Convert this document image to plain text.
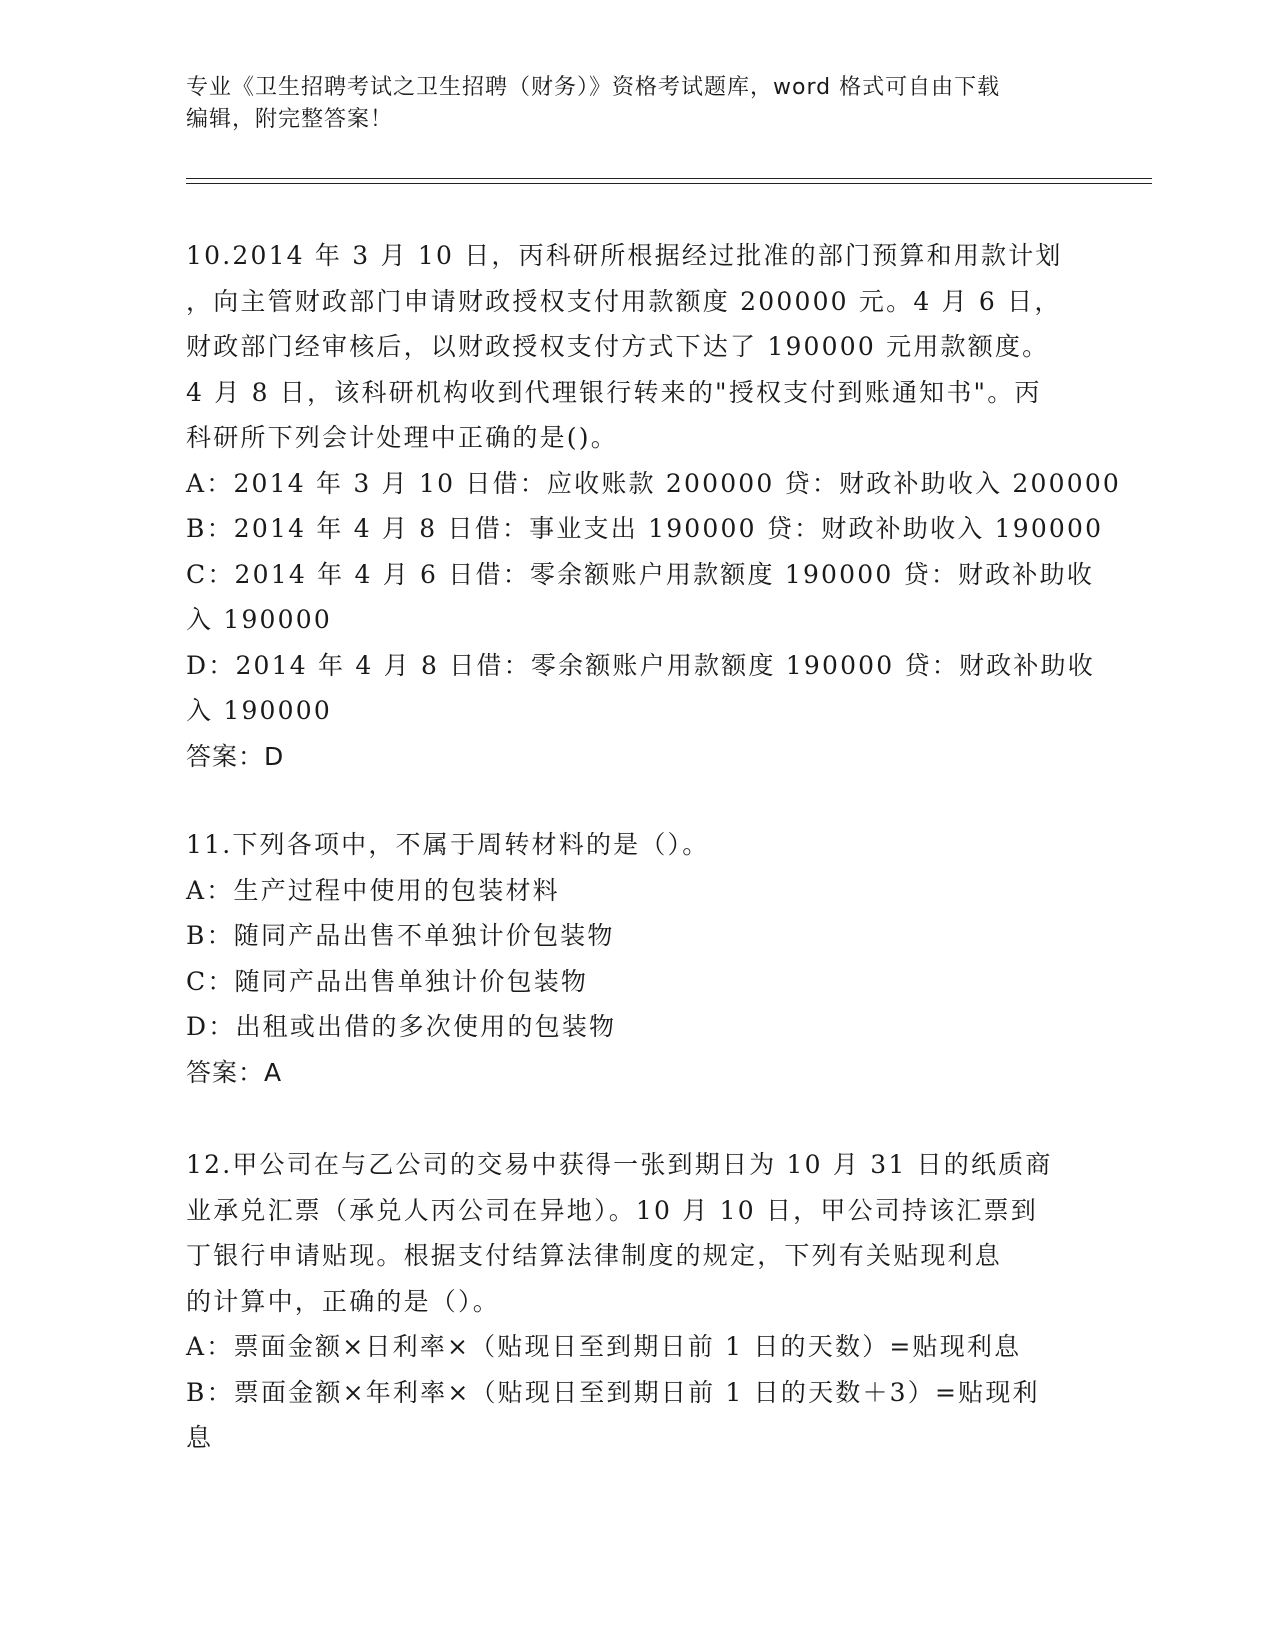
专业《卫生招聘考试之卫生招聘（财务）》资格考试题库，word 格式可自由下载
编辑，附完整答案！
10.2014 年 3 月 10 日，丙科研所根据经过批准的部门预算和用款计划
，向主管财政部门申请财政授权支付用款额度 200000 元。4 月 6 日，
财政部门经审核后，以财政授权支付方式下达了 190000 元用款额度。
4 月 8 日，该科研机构收到代理银行转来的"授权支付到账通知书"。丙
科研所下列会计处理中正确的是()。
A：2014 年 3 月 10 日借：应收账款 200000 贷：财政补助收入 200000
B：2014 年 4 月 8 日借：事业支出 190000 贷：财政补助收入 190000
C：2014 年 4 月 6 日借：零余额账户用款额度 190000 贷：财政补助收
入 190000
D：2014 年 4 月 8 日借：零余额账户用款额度 190000 贷：财政补助收
入 190000
答案：D
11.下列各项中，不属于周转材料的是（）。
A：生产过程中使用的包装材料
B：随同产品出售不单独计价包装物
C：随同产品出售单独计价包装物
D：出租或出借的多次使用的包装物
答案：A
12.甲公司在与乙公司的交易中获得一张到期日为 10 月 31 日的纸质商
业承兑汇票（承兑人丙公司在异地）。10 月 10 日，甲公司持该汇票到
丁银行申请贴现。根据支付结算法律制度的规定，下列有关贴现利息
的计算中，正确的是（）。
A：票面金额×日利率×（贴现日至到期日前 1 日的天数）=贴现利息
B：票面金额×年利率×（贴现日至到期日前 1 日的天数＋3）=贴现利
息
